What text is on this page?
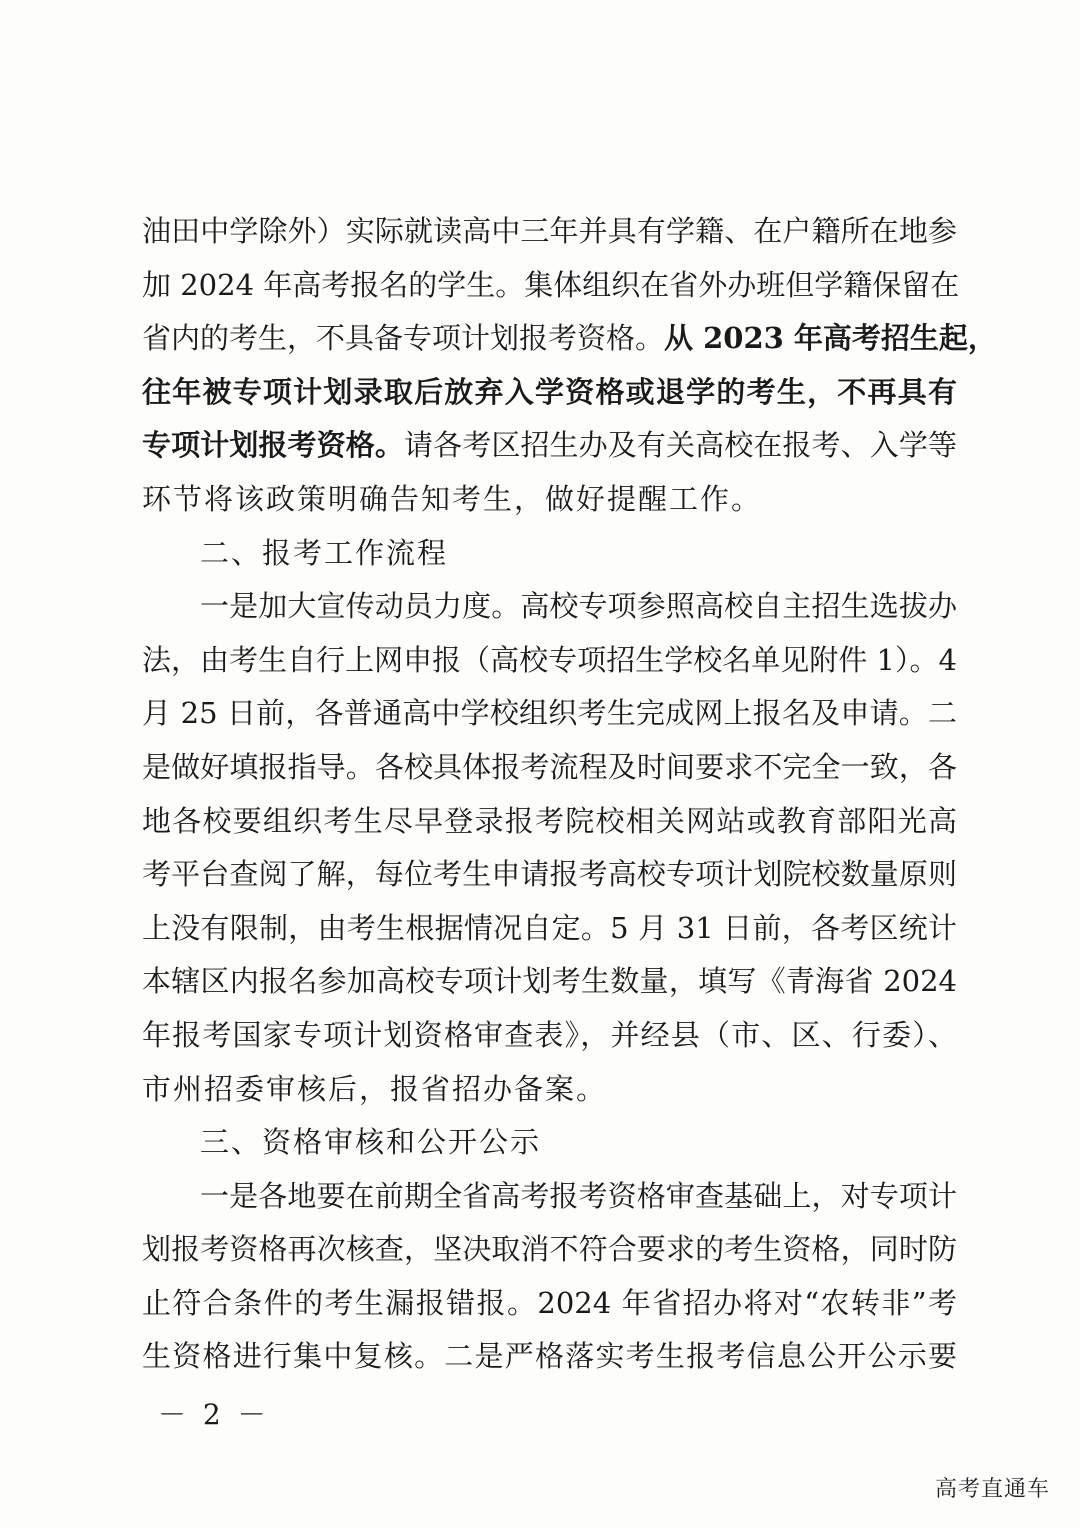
油田中学除外）实际就读高中三年并具有学籍、在户籍所在地参
加 2024 年高考报名的学生。集体组织在省外办班但学籍保留在
省内的考生，不具备专项计划报考资格。从 2023 年高考招生起，
往年被专项计划录取后放弃入学资格或退学的考生，不再具有
专项计划报考资格。请各考区招生办及有关高校在报考、入学等
环节将该政策明确告知考生，做好提醒工作。
二、报考工作流程
一是加大宣传动员力度。高校专项参照高校自主招生选拔办
法，由考生自行上网申报（高校专项招生学校名单见附件 1）。4
月 25 日前，各普通高中学校组织考生完成网上报名及申请。二
是做好填报指导。各校具体报考流程及时间要求不完全一致，各
地各校要组织考生尽早登录报考院校相关网站或教育部阳光高
考平台查阅了解，每位考生申请报考高校专项计划院校数量原则
上没有限制，由考生根据情况自定。5 月 31 日前，各考区统计
本辖区内报名参加高校专项计划考生数量，填写《青海省 2024
年报考国家专项计划资格审查表》，并经县（市、区、行委）、
市州招委审核后，报省招办备案。
三、资格审核和公开公示
一是各地要在前期全省高考报考资格审查基础上，对专项计
划报考资格再次核查，坚决取消不符合要求的考生资格，同时防
止符合条件的考生漏报错报。2024 年省招办将对“农转非”考
生资格进行集中复核。二是严格落实考生报考信息公开公示要
－ 2 －
高考直通车
